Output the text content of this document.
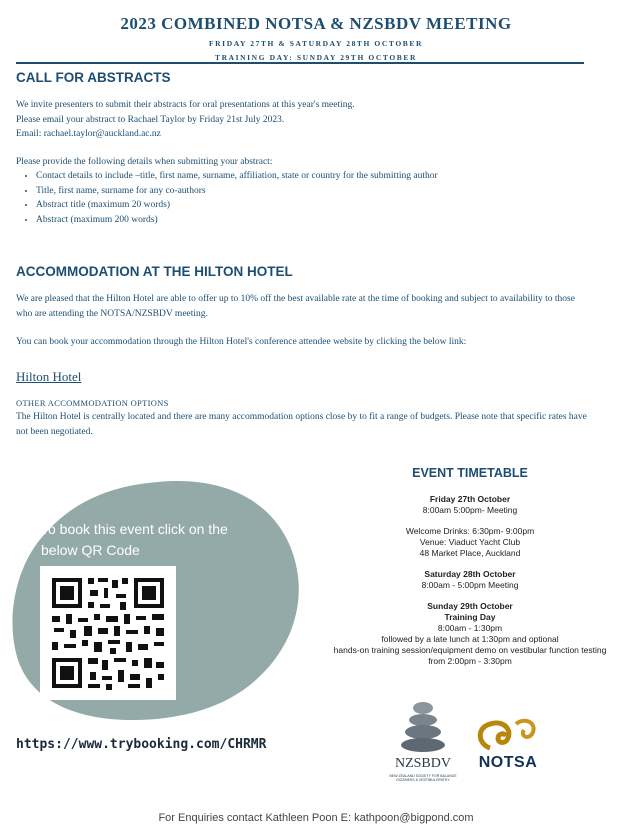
2023 COMBINED NOTSA & NZSBDV MEETING
FRIDAY 27TH & SATURDAY 28TH OCTOBER
TRAINING DAY: SUNDAY 29TH OCTOBER
CALL FOR ABSTRACTS

We invite presenters to submit their abstracts for oral presentations at this year's meeting.

Please email your abstract to Rachael Taylor by Friday 21st July 2023.

Email: rachael.taylor@auckland.ac.nz

Please provide the following details when submitting your abstract:

• Contact details to include –title, first name, surname, affiliation, state or country for the submitting author
• Title, first name, surname for any co-authors
• Abstract title (maximum 20 words)
• Abstract (maximum 200 words)
ACCOMMODATION AT THE HILTON HOTEL

We are pleased that the Hilton Hotel are able to offer up to 10% off the best available rate at the time of booking and subject to availability to those who are attending the NOTSA/NZSBDV meeting.

You can book your accommodation through the Hilton Hotel's conference attendee website by clicking the below link:

Hilton Hotel

OTHER ACCOMMODATION OPTIONS

The Hilton Hotel is centrally located and there are many accommodation options close by to fit a range of budgets. Please note that specific rates have not been negotiated.

To book this event click on the below QR Code
https://www.trybooking.com/CHRMR
EVENT TIMETABLE
Friday 27th October
8:00am 5:00pm- Meeting
Welcome Drinks: 6:30pm- 9:00pm
Venue: Viaduct Yacht Club
48 Market Place, Auckland
Saturday 28th October
8:00am - 5:00pm Meeting
Sunday 29th October
Training Day
8:00am - 1:30pm
followed by a late lunch at 1:30pm and optional
hands-on training session/equipment demo on vestibular function testing
from 2:00pm - 3:30pm
NZSBDV
NEW ZEALAND SOCIETY FOR BALANCE DIZZINESS & VESTIBULOPATHY
NOTSA
For Enquiries contact Kathleen Poon E: kathpoon@bigpond.com
